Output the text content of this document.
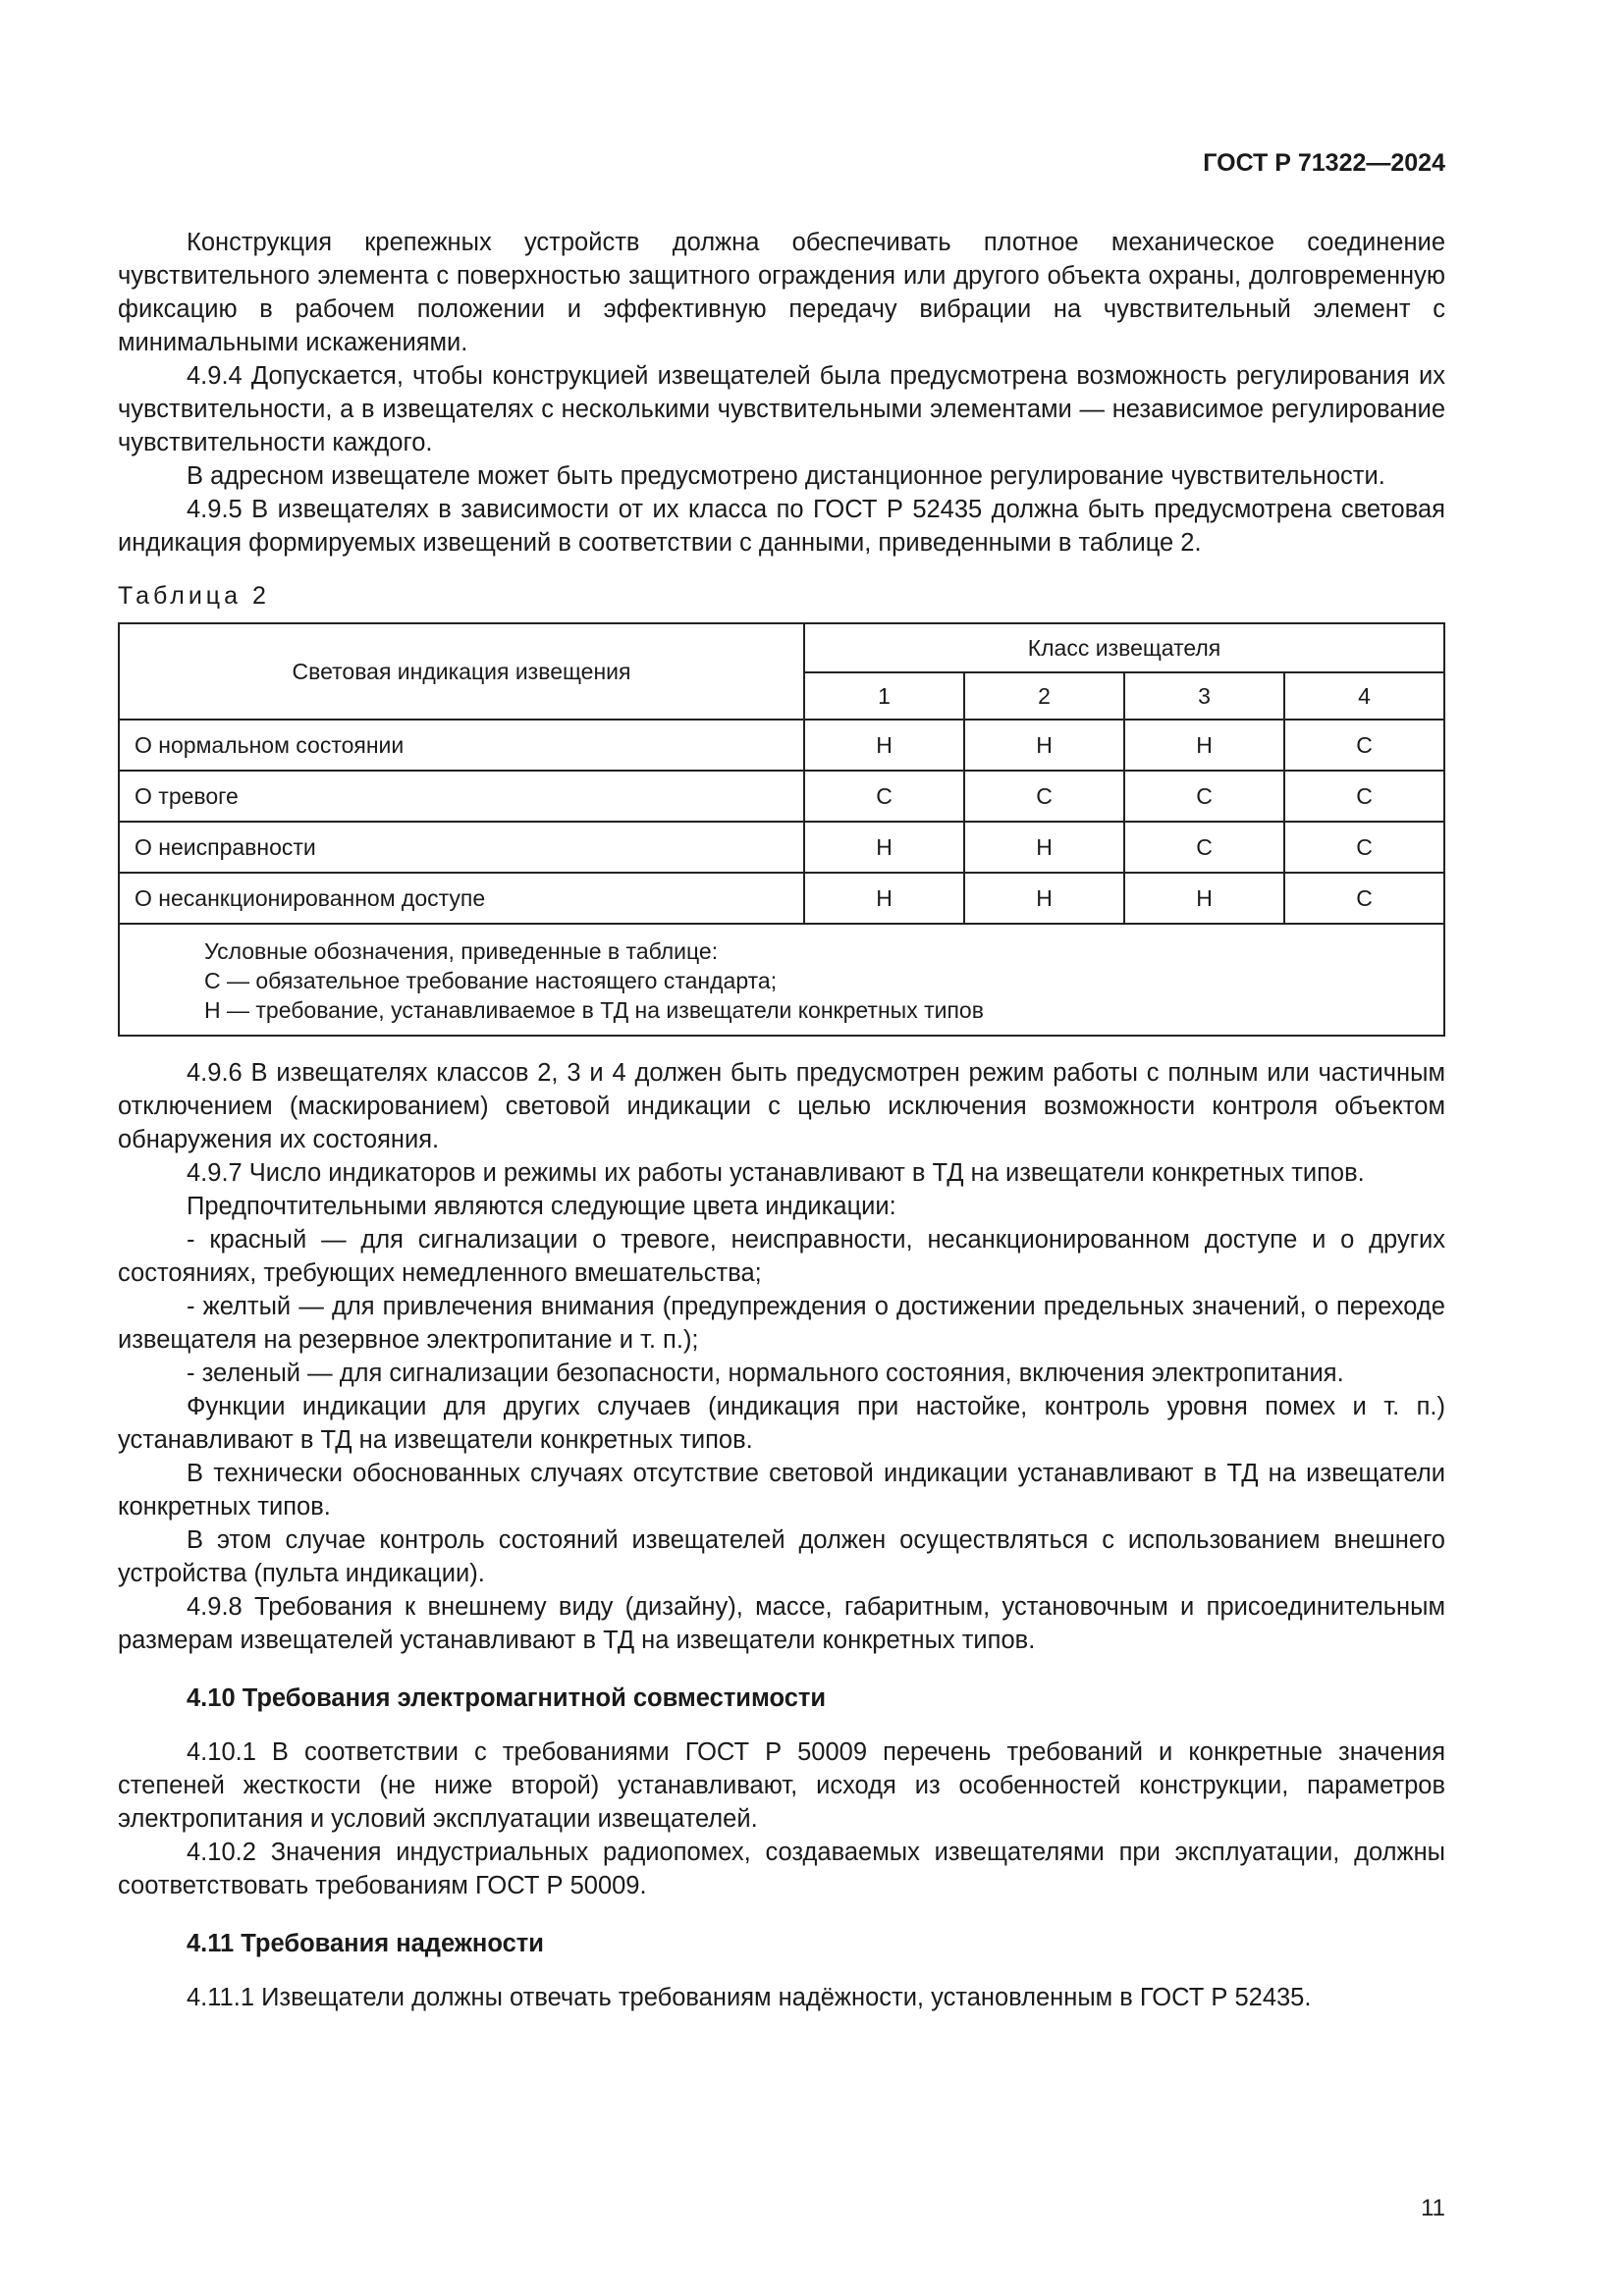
ГОСТ Р 71322—2024

Конструкция крепежных устройств должна обеспечивать плотное механическое соединение чувствительного элемента с поверхностью защитного ограждения или другого объекта охраны, долговременную фиксацию в рабочем положении и эффективную передачу вибрации на чувствительный элемент с минимальными искажениями.

4.9.4 Допускается, чтобы конструкцией извещателей была предусмотрена возможность регулирования их чувствительности, а в извещателях с несколькими чувствительными элементами — независимое регулирование чувствительности каждого.

В адресном извещателе может быть предусмотрено дистанционное регулирование чувствительности.

4.9.5 В извещателях в зависимости от их класса по ГОСТ Р 52435 должна быть предусмотрена световая индикация формируемых извещений в соответствии с данными, приведенными в таблице 2.

Таблица 2
Световая индикация извещения	Класс извещателя			
	1	2	3	4
О нормальном состоянии	Н	Н	Н	С
О тревоге	С	С	С	С
О неисправности	Н	Н	С	С
О несанкционированном доступе	Н	Н	Н	С

Условные обозначения, приведенные в таблице:
С — обязательное требование настоящего стандарта;
Н — требование, устанавливаемое в ТД на извещатели конкретных типов				

4.9.6 В извещателях классов 2, 3 и 4 должен быть предусмотрен режим работы с полным или частичным отключением (маскированием) световой индикации с целью исключения возможности контроля объектом обнаружения их состояния.

4.9.7 Число индикаторов и режимы их работы устанавливают в ТД на извещатели конкретных типов.

Предпочтительными являются следующие цвета индикации:

- красный — для сигнализации о тревоге, неисправности, несанкционированном доступе и о других состояниях, требующих немедленного вмешательства;

- желтый — для привлечения внимания (предупреждения о достижении предельных значений, о переходе извещателя на резервное электропитание и т. п.);

- зеленый — для сигнализации безопасности, нормального состояния, включения электропитания.

Функции индикации для других случаев (индикация при настойке, контроль уровня помех и т. п.) устанавливают в ТД на извещатели конкретных типов.

В технически обоснованных случаях отсутствие световой индикации устанавливают в ТД на извещатели конкретных типов.

В этом случае контроль состояний извещателей должен осуществляться с использованием внешнего устройства (пульта индикации).

4.9.8 Требования к внешнему виду (дизайну), массе, габаритным, установочным и присоединительным размерам извещателей устанавливают в ТД на извещатели конкретных типов.

4.10 Требования электромагнитной совместимости

4.10.1 В соответствии с требованиями ГОСТ Р 50009 перечень требований и конкретные значения степеней жесткости (не ниже второй) устанавливают, исходя из особенностей конструкции, параметров электропитания и условий эксплуатации извещателей.

4.10.2 Значения индустриальных радиопомех, создаваемых извещателями при эксплуатации, должны соответствовать требованиям ГОСТ Р 50009.

4.11 Требования надежности

4.11.1 Извещатели должны отвечать требованиям надёжности, установленным в ГОСТ Р 52435.

11
